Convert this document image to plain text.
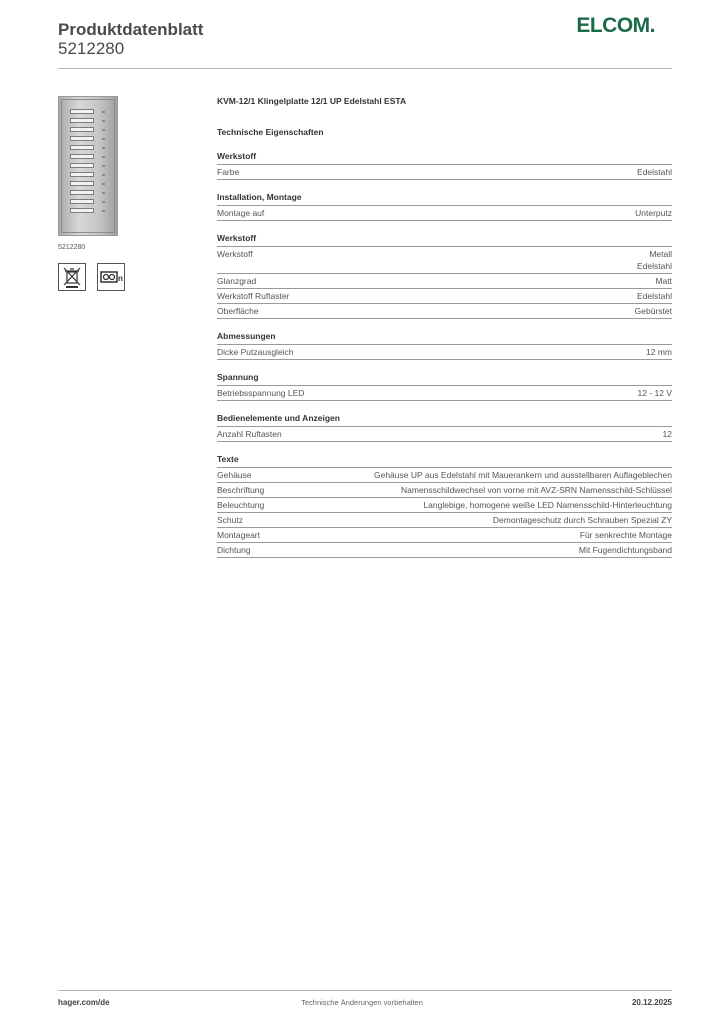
Produktdatenblatt
5212280
ELCOM.
5212280
n
KVM-12/1 Klingelplatte 12/1 UP Edelstahl ESTA
Technische Eigenschaften
Werkstoff
Farbe	Edelstahl
Installation, Montage
Montage auf	Unterputz
Werkstoff
Werkstoff	Metall
Edelstahl
Glanzgrad	Matt
Werkstoff Ruftaster	Edelstahl
Oberfläche	Gebürstet
Abmessungen
Dicke Putzausgleich	12 mm
Spannung
Betriebsspannung LED	12 - 12 V
Bedienelemente und Anzeigen
Anzahl Ruftasten	12
Texte
Gehäuse	Gehäuse UP aus Edelstahl mit Mauerankern und ausstellbaren Auflageblechen
Beschriftung	Namensschildwechsel von vorne mit AVZ-SRN Namensschild-Schlüssel
Beleuchtung	Langlebige, homogene weiße LED Namensschild-Hinterleuchtung
Schutz	Demontageschutz durch Schrauben Spezial ZY
Montageart	Für senkrechte Montage
Dichtung	Mit Fugendichtungsband
hager.com/de	Technische Änderungen vorbehalten	20.12.2025
